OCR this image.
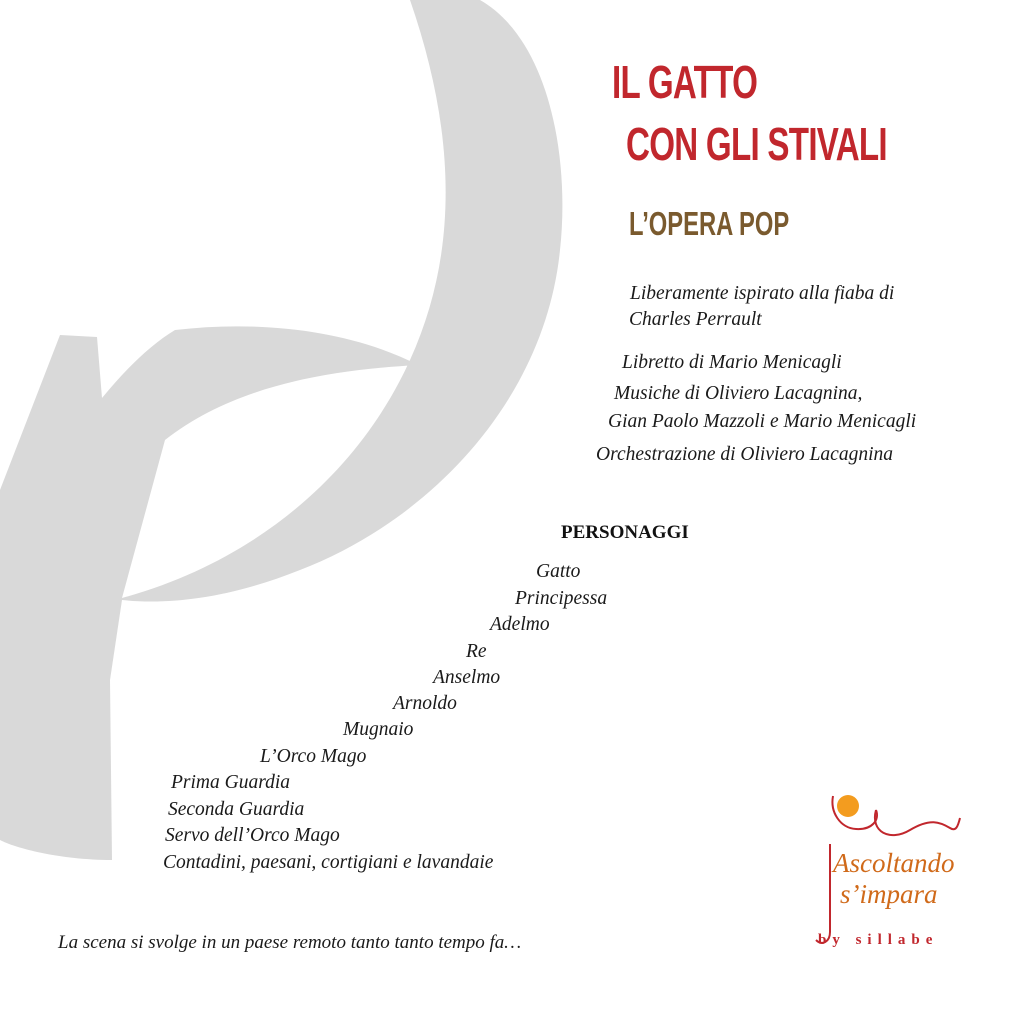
IL GATTO
CON GLI STIVALI
L’OPERA POP
Liberamente ispirato alla fiaba di
Charles Perrault
Libretto di Mario Menicagli
Musiche di Oliviero Lacagnina,
Gian Paolo Mazzoli e Mario Menicagli
Orchestrazione di Oliviero Lacagnina
PERSONAGGI
Gatto
Principessa
Adelmo
Re
Anselmo
Arnoldo
Mugnaio
L’Orco Mago
Prima Guardia
Seconda Guardia
Servo dell’Orco Mago
Contadini, paesani, cortigiani e lavandaie
La scena si svolge in un paese remoto tanto tanto tempo fa…
Ascoltando
s’impara
by sillabe
